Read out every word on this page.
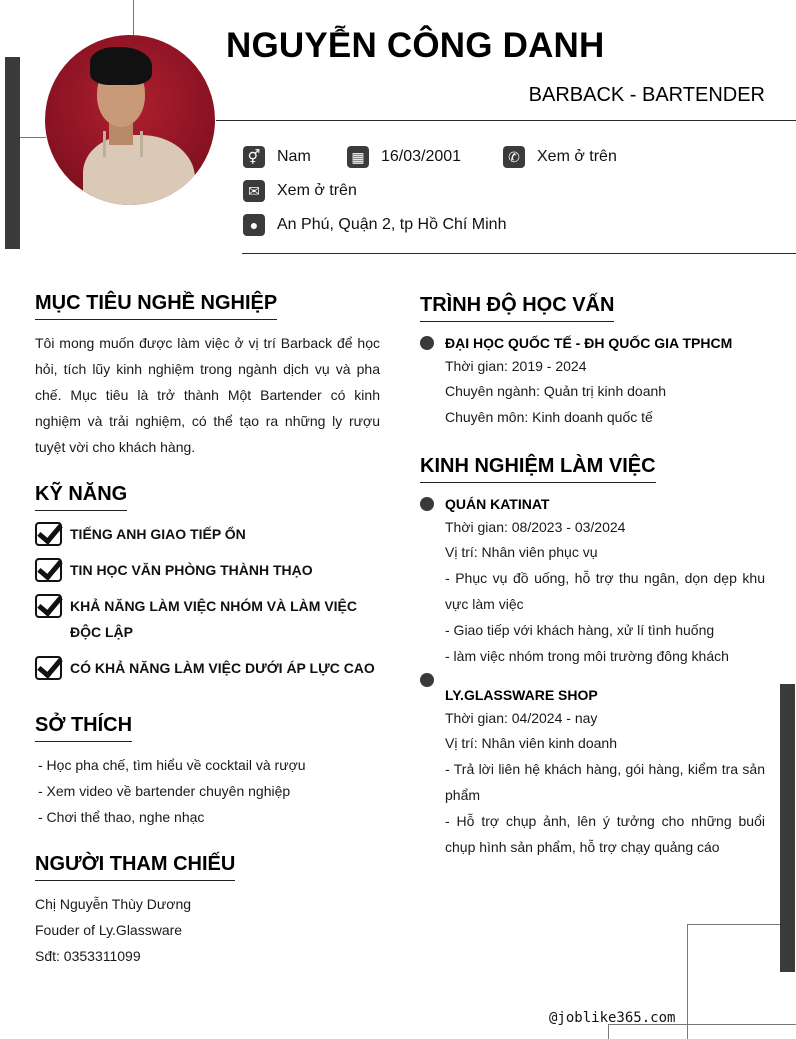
NGUYỄN CÔNG DANH
BARBACK - BARTENDER
⚥ Nam	▦ 16/03/2001	✆	Xem ở trên
✉	Xem ở trên
●	An Phú, Quận 2, tp Hồ Chí Minh
MỤC TIÊU NGHỀ NGHIỆP
Tôi mong muốn được làm việc ở vị trí Barback để học hỏi, tích lũy kinh nghiệm trong ngành dịch vụ và pha chế. Mục tiêu là trở thành Một Bartender có kinh nghiệm và trải nghiệm, có thể tạo ra những ly rượu tuyệt vời cho khách hàng.
KỸ NĂNG
TIẾNG ANH GIAO TIẾP ỔN
TIN HỌC VĂN PHÒNG THÀNH THẠO
KHẢ NĂNG LÀM VIỆC NHÓM VÀ LÀM VIỆC ĐỘC LẬP
CÓ KHẢ NĂNG LÀM VIỆC DƯỚI ÁP LỰC CAO
SỞ THÍCH
- Học pha chế, tìm hiểu về cocktail và rượu
- Xem video về bartender chuyên nghiệp
- Chơi thể thao, nghe nhạc
NGƯỜI THAM CHIẾU
Chị Nguyễn Thùy Dương
Fouder of Ly.Glassware
Sđt: 0353311099
TRÌNH ĐỘ HỌC VẤN
ĐẠI HỌC QUỐC TẾ - ĐH QUỐC GIA TPHCM
Thời gian: 2019 - 2024
Chuyên ngành: Quản trị kinh doanh
Chuyên môn: Kinh doanh quốc tế
KINH NGHIỆM LÀM VIỆC
QUÁN KATINAT
Thời gian: 08/2023 - 03/2024
Vị trí: Nhân viên phục vụ
- Phục vụ đồ uống, hỗ trợ thu ngân, dọn dẹp khu vực làm việc
- Giao tiếp với khách hàng, xử lí tình huống
- làm việc nhóm trong môi trường đông khách
LY.GLASSWARE SHOP
Thời gian: 04/2024 - nay
Vị trí: Nhân viên kinh doanh
- Trả lời liên hệ khách hàng, gói hàng, kiểm tra sản phẩm
- Hỗ trợ chụp ảnh, lên ý tưởng cho những buổi chụp hình sản phẩm, hỗ trợ chạy quảng cáo
@joblike365.com
